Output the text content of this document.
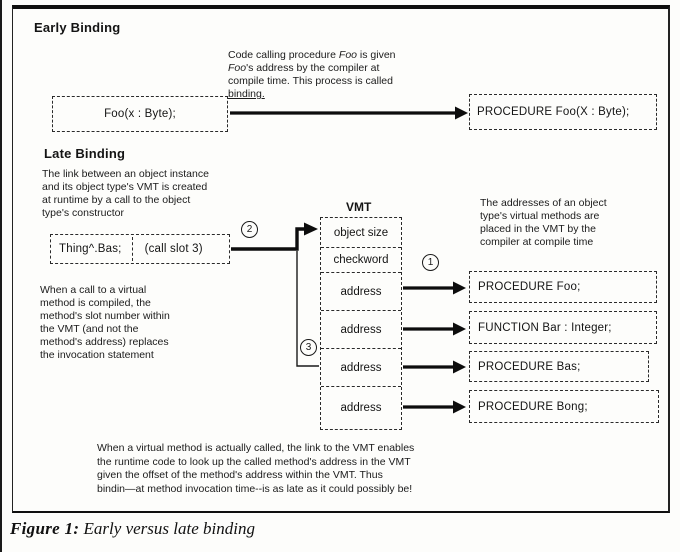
Early Binding
Code calling procedure Foo is given
Foo's address by the compiler at
compile time. This process is called
binding.
Foo(x : Byte);	PROCEDURE Foo(X : Byte);
Late Binding
The link between an object instance
and its object type's VMT is created
at runtime by a call to the object
type's constructor
Thing^.Bas;	(call slot 3)
When a call to a virtual
method is compiled, the
method's slot number within
the VMT (and not the
method's address) replaces
the invocation statement
VMT
object size
checkword
address
address
address
address
The addresses of an object
type's virtual methods are
placed in the VMT by the
compiler at compile time
PROCEDURE Foo;
FUNCTION Bar : Integer;
PROCEDURE Bas;
PROCEDURE Bong;
2
1
3
When a virtual method is actually called, the link to the VMT enables
the runtime code to look up the called method's address in the VMT
given the offset of the method's address within the VMT. Thus
bindin—at method invocation time--is as late as it could possibly be!
Figure 1: Early versus late binding
